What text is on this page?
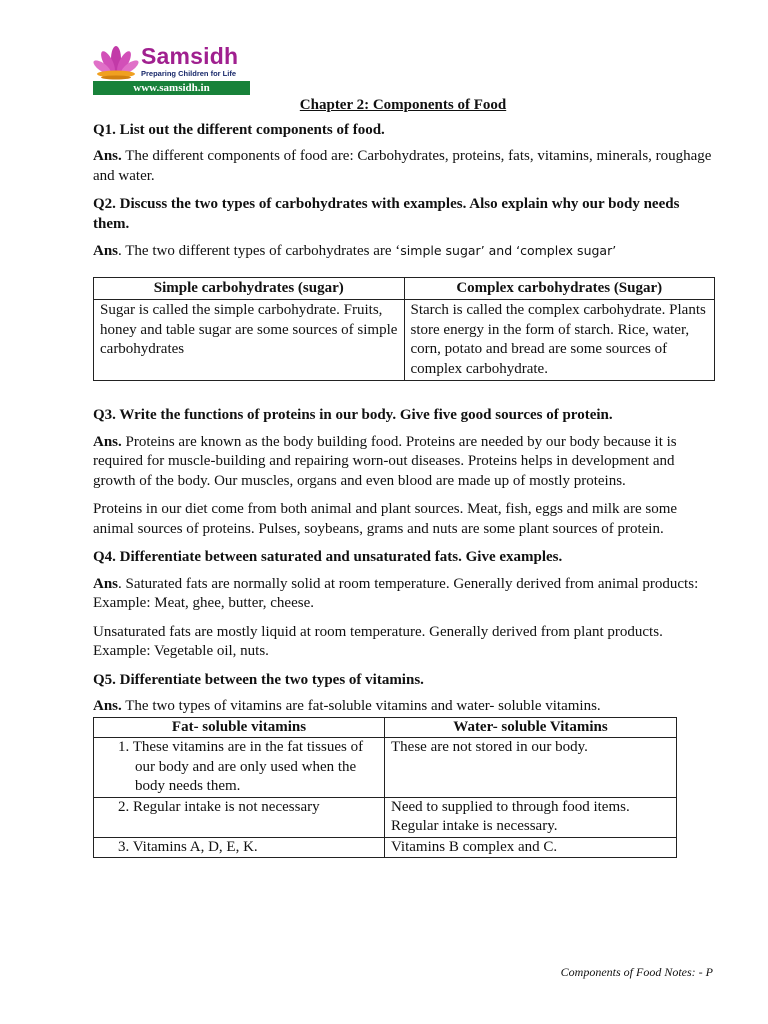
Samsidh
Preparing Children for Life
www.samsidh.in
Chapter 2: Components of Food
Q1. List out the different components of food.
Ans. The different components of food are: Carbohydrates, proteins, fats, vitamins, minerals, roughage and water.
Q2. Discuss the two types of carbohydrates with examples. Also explain why our body needs them.
Ans. The two different types of carbohydrates are ‘simple sugar’ and ‘complex sugar’
Simple carbohydrates (sugar)	Complex carbohydrates (Sugar)
Sugar is called the simple carbohydrate. Fruits, honey and table sugar are some sources of simple carbohydrates	Starch is called the complex carbohydrate. Plants store energy in the form of starch. Rice, water, corn, potato and bread are some sources of complex carbohydrate.
Q3. Write the functions of proteins in our body. Give five good sources of protein.
Ans. Proteins are known as the body building food. Proteins are needed by our body because it is required for muscle-building and repairing worn-out diseases. Proteins helps in development and growth of the body. Our muscles, organs and even blood are made up of mostly proteins.
Proteins in our diet come from both animal and plant sources. Meat, fish, eggs and milk are some animal sources of proteins. Pulses, soybeans, grams and nuts are some plant sources of protein.
Q4. Differentiate between saturated and unsaturated fats. Give examples.
Ans. Saturated fats are normally solid at room temperature. Generally derived from animal products: Example: Meat, ghee, butter, cheese.
Unsaturated fats are mostly liquid at room temperature. Generally derived from plant products. Example: Vegetable oil, nuts.
Q5. Differentiate between the two types of vitamins.
Ans. The two types of vitamins are fat-soluble vitamins and water- soluble vitamins.
Fat- soluble vitamins	Water- soluble Vitamins

1. These vitamins are in the fat tissues of our body and are only used when the body needs them.	These are not stored in our body.

2. Regular intake is not necessary	Need to supplied to through food items. Regular intake is necessary.

3. Vitamins A, D, E, K.	Vitamins B complex and C.
Components of Food Notes: - P
